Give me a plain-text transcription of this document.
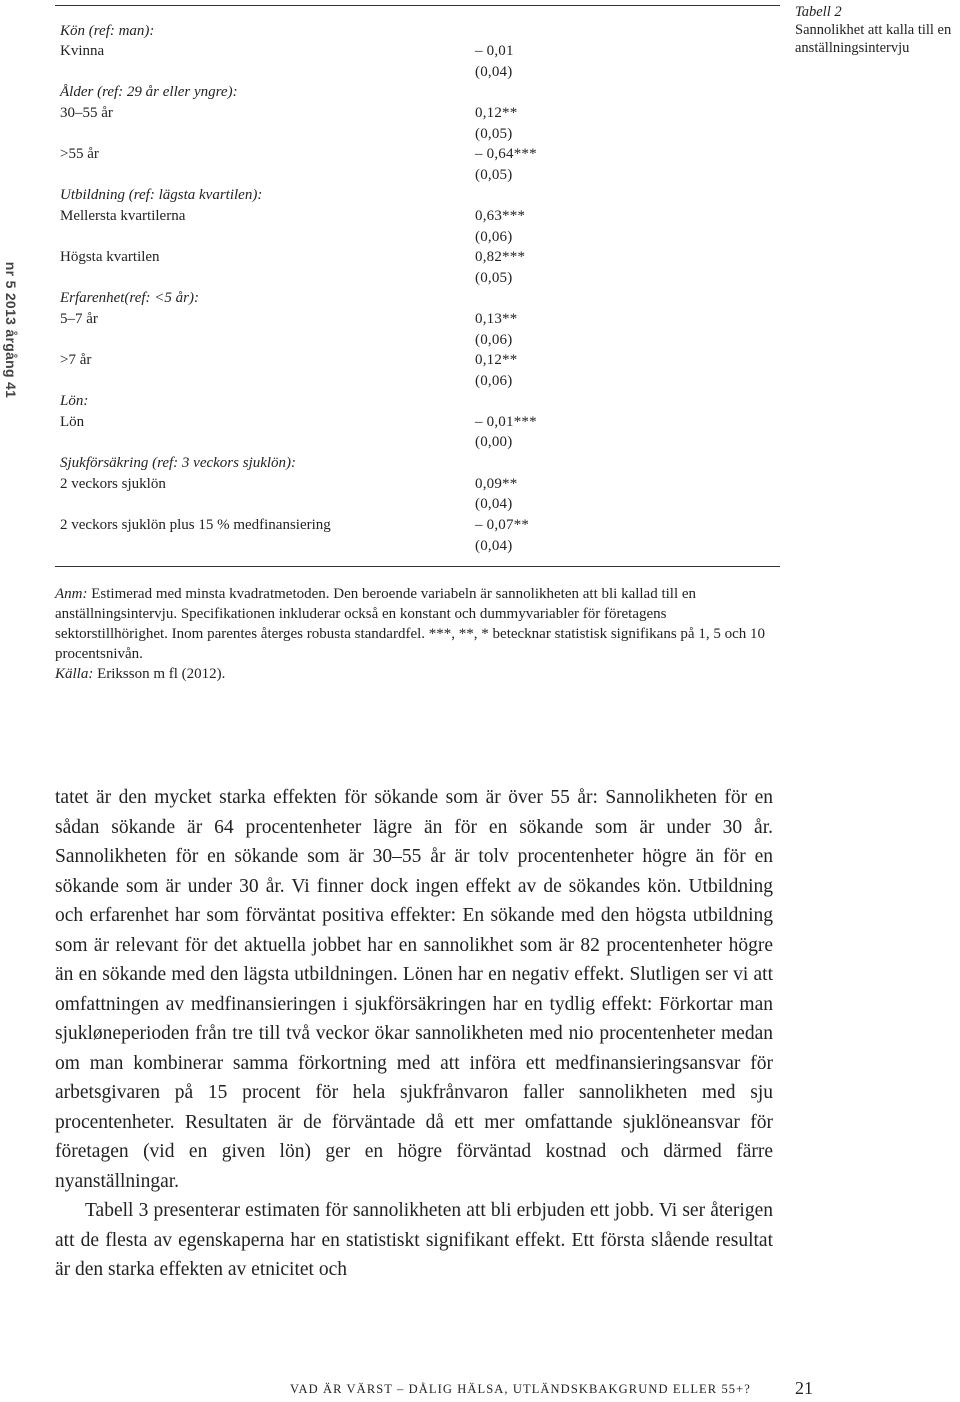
nr 5 2013 årgång 41
Kön (ref: man):
Kvinna	– 0,01
(0,04)
Ålder (ref: 29 år eller yngre):
30–55 år	0,12**
(0,05)
>55 år	– 0,64***
(0,05)
Utbildning (ref: lägsta kvartilen):
Mellersta kvartilerna	0,63***
(0,06)
Högsta kvartilen	0,82***
(0,05)
Erfarenhet(ref: <5 år):
5–7 år	0,13**
(0,06)
>7 år	0,12**
(0,06)
Lön:
Lön	– 0,01***
(0,00)
Sjukförsäkring (ref: 3 veckors sjuklön):
2 veckors sjuklön	0,09**
(0,04)
2 veckors sjuklön plus 15 % medfinansiering	– 0,07**
(0,04)
Tabell 2
Sannolikhet att kalla till en anställningsintervju

Anm: Estimerad med minsta kvadratmetoden. Den beroende variabeln är sannolikheten att bli kallad till en anställningsintervju. Specifikationen inkluderar också en konstant och dummyvariabler för företagens sektorstillhörighet. Inom parentes återges robusta standardfel. ***, **, * betecknar statistisk signifikans på 1, 5 och 10 procentsnivån.

Källa: Eriksson m fl (2012).

tatet är den mycket starka effekten för sökande som är över 55 år: Sannolikheten för en sådan sökande är 64 procentenheter lägre än för en sökande som är under 30 år. Sannolikheten för en sökande som är 30–55 år är tolv procentenheter högre än för en sökande som är under 30 år. Vi finner dock ingen effekt av de sökandes kön. Utbildning och erfarenhet har som förväntat positiva effekter: En sökande med den högsta utbildning som är relevant för det aktuella jobbet har en sannolikhet som är 82 procentenheter högre än en sökande med den lägsta utbildningen. Lönen har en negativ effekt. Slutligen ser vi att omfattningen av medfinansieringen i sjukförsäkringen har en tydlig effekt: Förkortar man sjukløneperioden från tre till två veckor ökar sannolikheten med nio procentenheter medan om man kombinerar samma förkortning med att införa ett medfinansieringsansvar för arbetsgivaren på 15 procent för hela sjukfrånvaron faller sannolikheten med sju procentenheter. Resultaten är de förväntade då ett mer omfattande sjuklöneansvar för företagen (vid en given lön) ger en högre förväntad kostnad och därmed färre nyanställningar.

Tabell 3 presenterar estimaten för sannolikheten att bli erbjuden ett jobb. Vi ser återigen att de flesta av egenskaperna har en statistiskt signifikant effekt. Ett första slående resultat är den starka effekten av etnicitet och

VAD ÄR VÄRST – DÅLIG HÄLSA, UTLÄNDSKBAKGRUND ELLER 55+? 21
